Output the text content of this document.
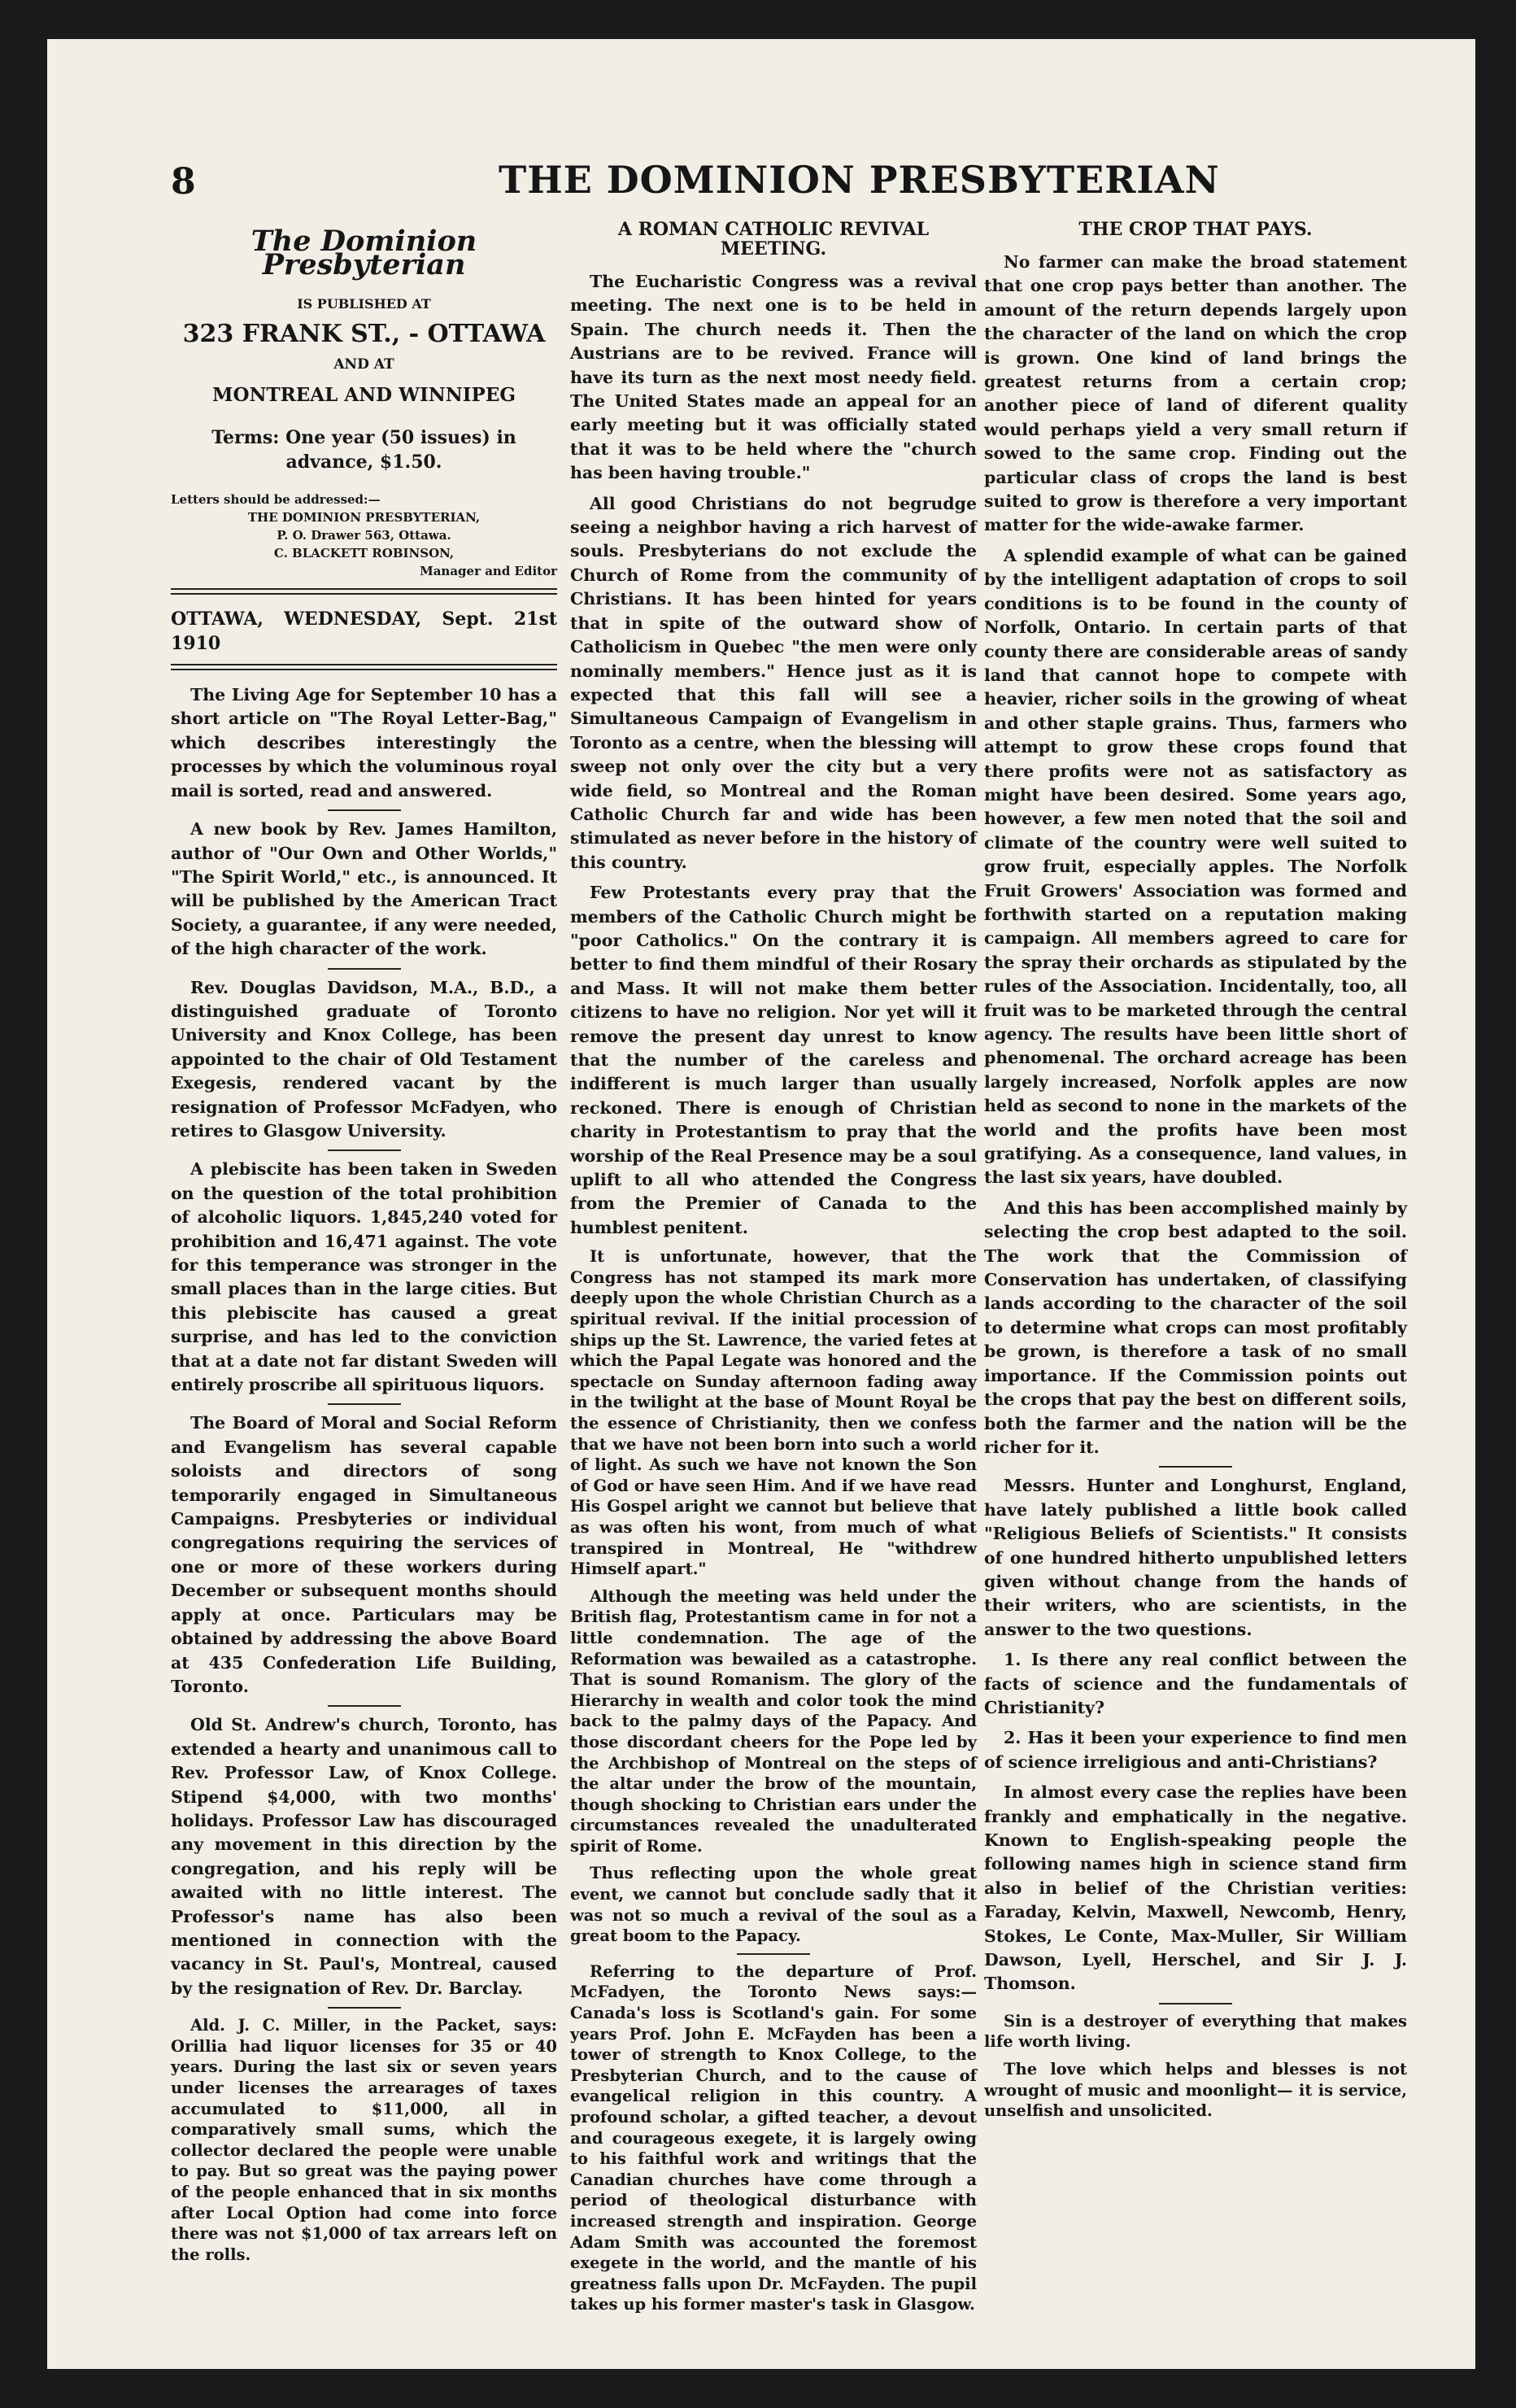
8	THE DOMINION PRESBYTERIAN
The Dominion Presbyterian
IS PUBLISHED AT
323 FRANK ST., - OTTAWA
AND AT
MONTREAL AND WINNIPEG
Terms: One year (50 issues) in advance, $1.50.
Letters should be addressed:—
THE DOMINION PRESBYTERIAN,
P. O. Drawer 563, Ottawa.
C. BLACKETT ROBINSON,
Manager and Editor

OTTAWA, WEDNESDAY, Sept. 21st 1910

The Living Age for September 10 has a short article on "The Royal Letter-Bag," which describes interestingly the processes by which the voluminous royal mail is sorted, read and answered.

A new book by Rev. James Hamilton, author of "Our Own and Other Worlds," "The Spirit World," etc., is announced. It will be published by the American Tract Society, a guarantee, if any were needed, of the high character of the work.

Rev. Douglas Davidson, M.A., B.D., a distinguished graduate of Toronto University and Knox College, has been appointed to the chair of Old Testament Exegesis, rendered vacant by the resignation of Professor McFadyen, who retires to Glasgow University.

A plebiscite has been taken in Sweden on the question of the total prohibition of alcoholic liquors. 1,845,240 voted for prohibition and 16,471 against. The vote for this temperance was stronger in the small places than in the large cities. But this plebiscite has caused a great surprise, and has led to the conviction that at a date not far distant Sweden will entirely proscribe all spirituous liquors.

The Board of Moral and Social Reform and Evangelism has several capable soloists and directors of song temporarily engaged in Simultaneous Campaigns. Presbyteries or individual congregations requiring the services of one or more of these workers during December or subsequent months should apply at once. Particulars may be obtained by addressing the above Board at 435 Confederation Life Building, Toronto.

Old St. Andrew's church, Toronto, has extended a hearty and unanimous call to Rev. Professor Law, of Knox College. Stipend $4,000, with two months' holidays. Professor Law has discouraged any movement in this direction by the congregation, and his reply will be awaited with no little interest. The Professor's name has also been mentioned in connection with the vacancy in St. Paul's, Montreal, caused by the resignation of Rev. Dr. Barclay.

Ald. J. C. Miller, in the Packet, says: Orillia had liquor licenses for 35 or 40 years. During the last six or seven years under licenses the arrearages of taxes accumulated to $11,000, all in comparatively small sums, which the collector declared the people were unable to pay. But so great was the paying power of the people enhanced that in six months after Local Option had come into force there was not $1,000 of tax arrears left on the rolls.

A ROMAN CATHOLIC REVIVAL MEETING.

The Eucharistic Congress was a revival meeting. The next one is to be held in Spain. The church needs it. Then the Austrians are to be revived. France will have its turn as the next most needy field. The United States made an appeal for an early meeting but it was officially stated that it was to be held where the "church has been having trouble."

All good Christians do not begrudge seeing a neighbor having a rich harvest of souls. Presbyterians do not exclude the Church of Rome from the community of Christians. It has been hinted for years that in spite of the outward show of Catholicism in Quebec "the men were only nominally members." Hence just as it is expected that this fall will see a Simultaneous Campaign of Evangelism in Toronto as a centre, when the blessing will sweep not only over the city but a very wide field, so Montreal and the Roman Catholic Church far and wide has been stimulated as never before in the history of this country.

Few Protestants every pray that the members of the Catholic Church might be "poor Catholics." On the contrary it is better to find them mindful of their Rosary and Mass. It will not make them better citizens to have no religion. Nor yet will it remove the present day unrest to know that the number of the careless and indifferent is much larger than usually reckoned. There is enough of Christian charity in Protestantism to pray that the worship of the Real Presence may be a soul uplift to all who attended the Congress from the Premier of Canada to the humblest penitent.

It is unfortunate, however, that the Congress has not stamped its mark more deeply upon the whole Christian Church as a spiritual revival. If the initial procession of ships up the St. Lawrence, the varied fetes at which the Papal Legate was honored and the spectacle on Sunday afternoon fading away in the twilight at the base of Mount Royal be the essence of Christianity, then we confess that we have not been born into such a world of light. As such we have not known the Son of God or have seen Him. And if we have read His Gospel aright we cannot but believe that as was often his wont, from much of what transpired in Montreal, He "withdrew Himself apart."

Although the meeting was held under the British flag, Protestantism came in for not a little condemnation. The age of the Reformation was bewailed as a catastrophe. That is sound Romanism. The glory of the Hierarchy in wealth and color took the mind back to the palmy days of the Papacy. And those discordant cheers for the Pope led by the Archbishop of Montreal on the steps of the altar under the brow of the mountain, though shocking to Christian ears under the circumstances revealed the unadulterated spirit of Rome.

Thus reflecting upon the whole great event, we cannot but conclude sadly that it was not so much a revival of the soul as a great boom to the Papacy.

Referring to the departure of Prof. McFadyen, the Toronto News says:— Canada's loss is Scotland's gain. For some years Prof. John E. McFayden has been a tower of strength to Knox College, to the Presbyterian Church, and to the cause of evangelical religion in this country. A profound scholar, a gifted teacher, a devout and courageous exegete, it is largely owing to his faithful work and writings that the Canadian churches have come through a period of theological disturbance with increased strength and inspiration. George Adam Smith was accounted the foremost exegete in the world, and the mantle of his greatness falls upon Dr. McFayden. The pupil takes up his former master's task in Glasgow.

THE CROP THAT PAYS.

No farmer can make the broad statement that one crop pays better than another. The amount of the return depends largely upon the character of the land on which the crop is grown. One kind of land brings the greatest returns from a certain crop; another piece of land of diferent quality would perhaps yield a very small return if sowed to the same crop. Finding out the particular class of crops the land is best suited to grow is therefore a very important matter for the wide-awake farmer.

A splendid example of what can be gained by the intelligent adaptation of crops to soil conditions is to be found in the county of Norfolk, Ontario. In certain parts of that county there are considerable areas of sandy land that cannot hope to compete with heavier, richer soils in the growing of wheat and other staple grains. Thus, farmers who attempt to grow these crops found that there profits were not as satisfactory as might have been desired. Some years ago, however, a few men noted that the soil and climate of the country were well suited to grow fruit, especially apples. The Norfolk Fruit Growers' Association was formed and forthwith started on a reputation making campaign. All members agreed to care for the spray their orchards as stipulated by the rules of the Association. Incidentally, too, all fruit was to be marketed through the central agency. The results have been little short of phenomenal. The orchard acreage has been largely increased, Norfolk apples are now held as second to none in the markets of the world and the profits have been most gratifying. As a consequence, land values, in the last six years, have doubled.

And this has been accomplished mainly by selecting the crop best adapted to the soil. The work that the Commission of Conservation has undertaken, of classifying lands according to the character of the soil to determine what crops can most profitably be grown, is therefore a task of no small importance. If the Commission points out the crops that pay the best on different soils, both the farmer and the nation will be the richer for it.

Messrs. Hunter and Longhurst, England, have lately published a little book called "Religious Beliefs of Scientists." It consists of one hundred hitherto unpublished letters given without change from the hands of their writers, who are scientists, in the answer to the two questions.

1. Is there any real conflict between the facts of science and the fundamentals of Christianity?

2. Has it been your experience to find men of science irreligious and anti-Christians?

In almost every case the replies have been frankly and emphatically in the negative. Known to English-speaking people the following names high in science stand firm also in belief of the Christian verities: Faraday, Kelvin, Maxwell, Newcomb, Henry, Stokes, Le Conte, Max-Muller, Sir William Dawson, Lyell, Herschel, and Sir J. J. Thomson.

Sin is a destroyer of everything that makes life worth living.

The love which helps and blesses is not wrought of music and moonlight— it is service, unselfish and unsolicited.
